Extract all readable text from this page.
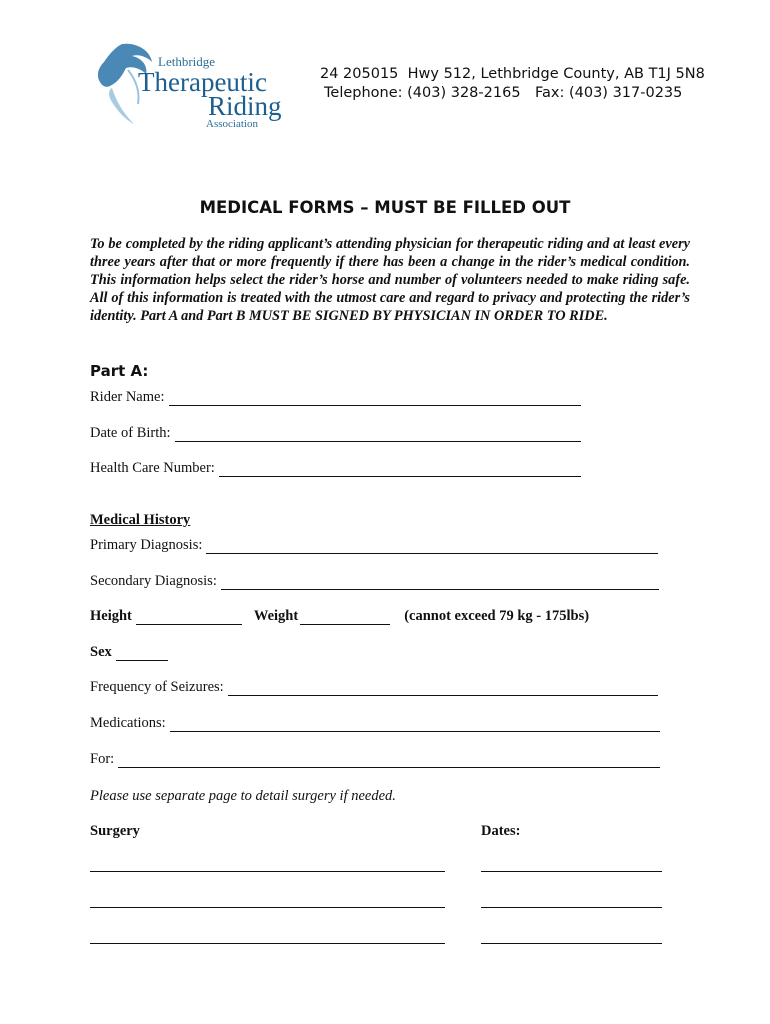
Lethbridge
Therapeutic
Riding
Association
24 205015  Hwy 512, Lethbridge County, AB T1J 5N8
Telephone: (403) 328-2165 Fax: (403) 317-0235
MEDICAL FORMS – MUST BE FILLED OUT
To be completed by the riding applicant’s attending physician for therapeutic riding and at least every three years after that or more frequently if there has been a change in the rider’s medical condition. This information helps select the rider’s horse and number of volunteers needed to make riding safe. All of this information is treated with the utmost care and regard to privacy and protecting the rider’s identity. Part A and Part B MUST BE SIGNED BY PHYSICIAN IN ORDER TO RIDE.
Part A:
Rider Name:
Date of Birth:
Health Care Number:
Medical History
Primary Diagnosis:
Secondary Diagnosis:
Height	Weight	(cannot exceed 79 kg - 175lbs)
Sex
Frequency of Seizures:
Medications:
For:
Please use separate page to detail surgery if needed.
Surgery	Dates:
